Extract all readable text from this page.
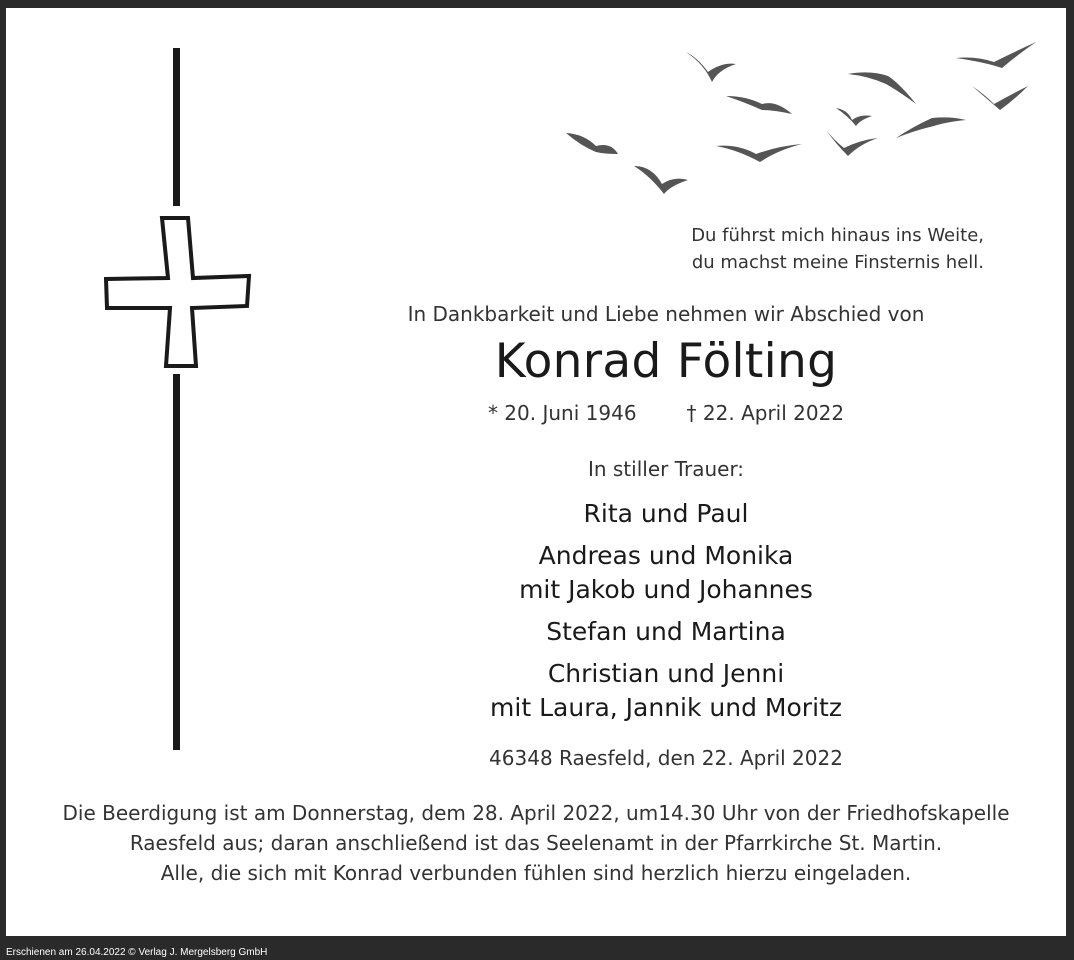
Du führst mich hinaus ins Weite,
du machst meine Finsternis hell.
In Dankbarkeit und Liebe nehmen wir Abschied von
Konrad Fölting
* 20. Juni 1946	† 22. April 2022
In stiller Trauer:
Rita und Paul
Andreas und Monika
mit Jakob und Johannes
Stefan und Martina
Christian und Jenni
mit Laura, Jannik und Moritz
46348 Raesfeld, den 22. April 2022
Die Beerdigung ist am Donnerstag, dem 28. April 2022, um14.30 Uhr von der Friedhofskapelle
Raesfeld aus; daran anschließend ist das Seelenamt in der Pfarrkirche St. Martin.
Alle, die sich mit Konrad verbunden fühlen sind herzlich hierzu eingeladen.
Erschienen am 26.04.2022 © Verlag J. Mergelsberg GmbH
